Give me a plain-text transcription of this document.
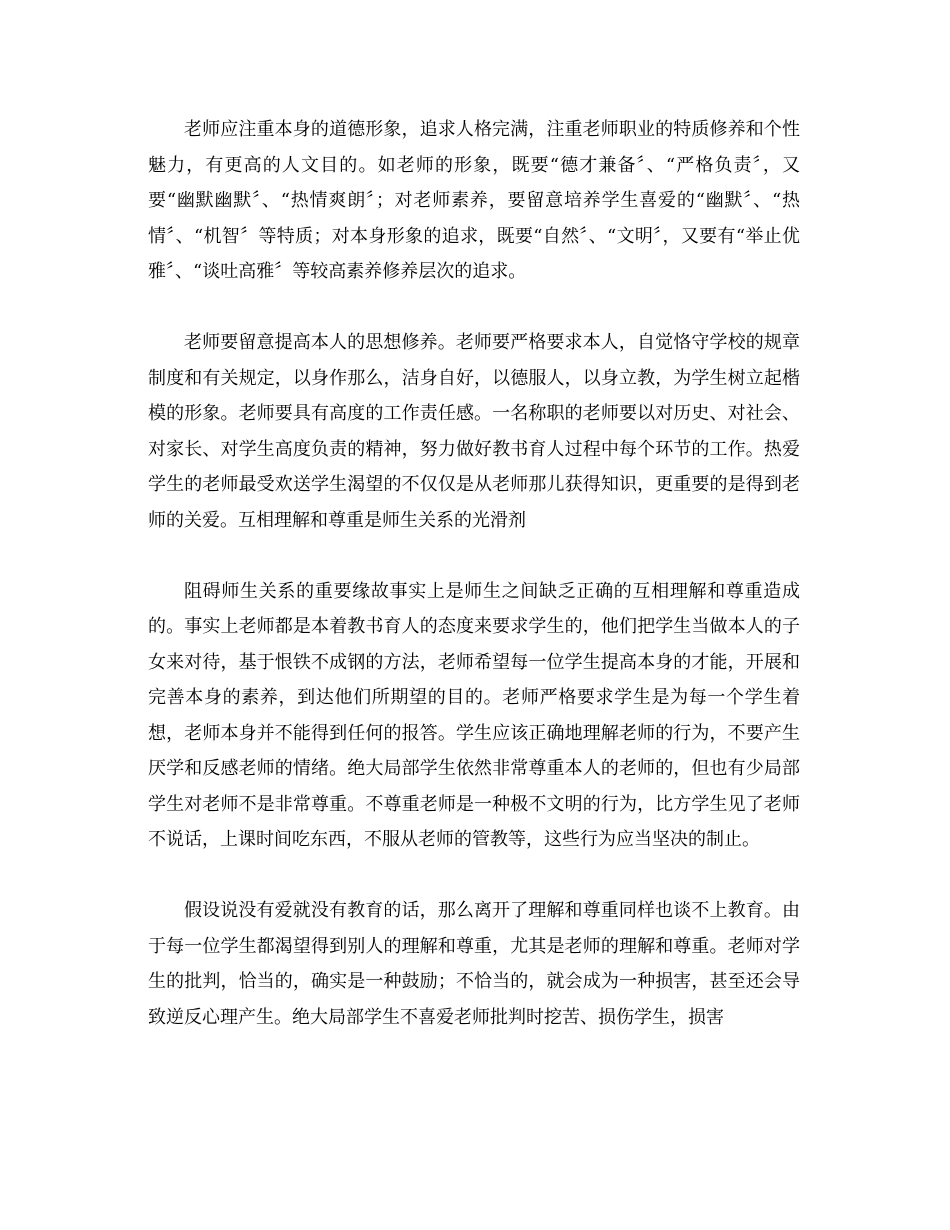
老师应注重本身的道德形象，追求人格完满，注重老师职业的特质修养和个性魅力，有更高的人文目的。如老师的形象，既要“德才兼备〞、“严格负责〞，又要“幽默幽默〞、“热情爽朗〞；对老师素养，要留意培养学生喜爱的“幽默〞、“热情〞、“机智〞等特质；对本身形象的追求，既要“自然〞、“文明〞，又要有“举止优雅〞、“谈吐高雅〞等较高素养修养层次的追求。

老师要留意提高本人的思想修养。老师要严格要求本人，自觉恪守学校的规章制度和有关规定，以身作那么，洁身自好，以德服人，以身立教，为学生树立起楷模的形象。老师要具有高度的工作责任感。一名称职的老师要以对历史、对社会、对家长、对学生高度负责的精神，努力做好教书育人过程中每个环节的工作。热爱学生的老师最受欢送学生渴望的不仅仅是从老师那儿获得知识，更重要的是得到老师的关爱。互相理解和尊重是师生关系的光滑剂

阻碍师生关系的重要缘故事实上是师生之间缺乏正确的互相理解和尊重造成的。事实上老师都是本着教书育人的态度来要求学生的，他们把学生当做本人的子女来对待，基于恨铁不成钢的方法，老师希望每一位学生提高本身的才能，开展和完善本身的素养，到达他们所期望的目的。老师严格要求学生是为每一个学生着想，老师本身并不能得到任何的报答。学生应该正确地理解老师的行为，不要产生厌学和反感老师的情绪。绝大局部学生依然非常尊重本人的老师的，但也有少局部学生对老师不是非常尊重。不尊重老师是一种极不文明的行为，比方学生见了老师不说话，上课时间吃东西，不服从老师的管教等，这些行为应当坚决的制止。

假设说没有爱就没有教育的话，那么离开了理解和尊重同样也谈不上教育。由于每一位学生都渴望得到别人的理解和尊重，尤其是老师的理解和尊重。老师对学生的批判，恰当的，确实是一种鼓励；不恰当的，就会成为一种损害，甚至还会导致逆反心理产生。绝大局部学生不喜爱老师批判时挖苦、损伤学生，损害
